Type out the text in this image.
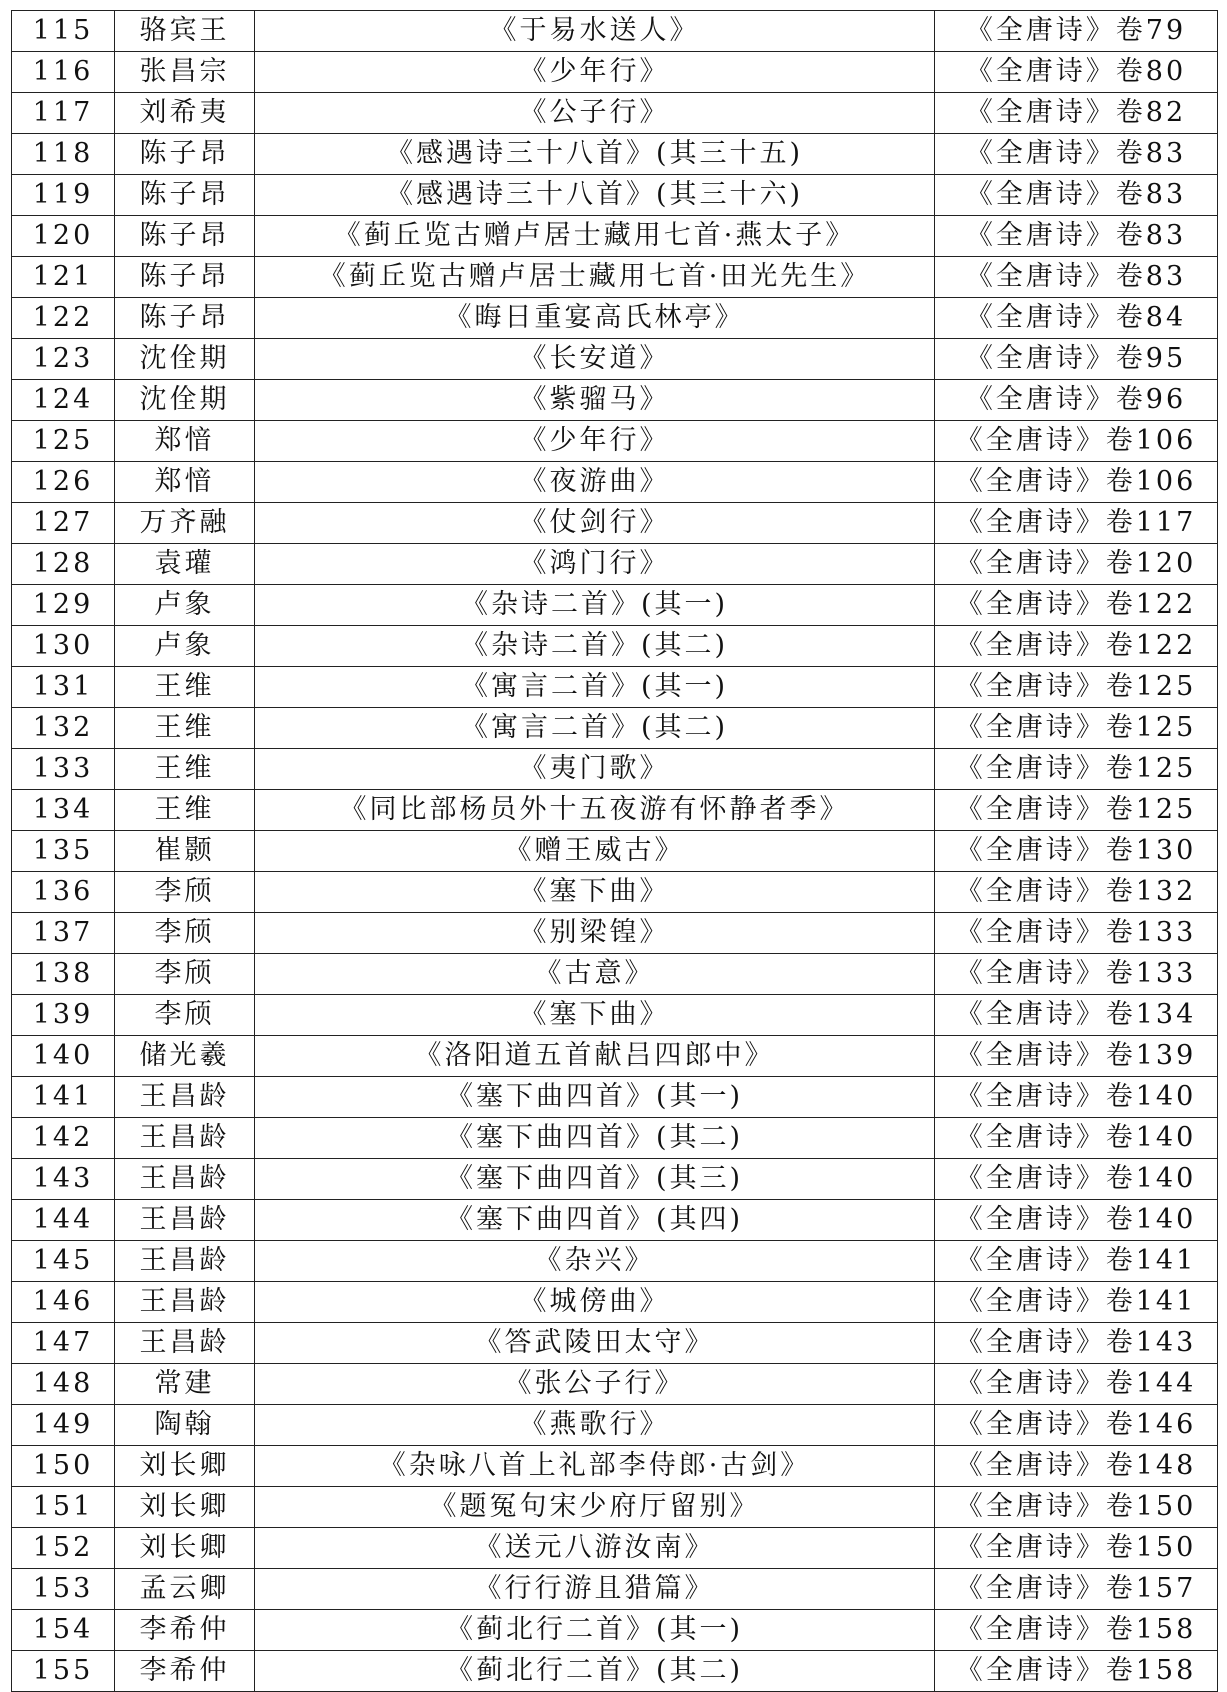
115	骆宾王	《于易水送人》	《全唐诗》卷79
116	张昌宗	《少年行》	《全唐诗》卷80
117	刘希夷	《公子行》	《全唐诗》卷82
118	陈子昂	《感遇诗三十八首》(其三十五)	《全唐诗》卷83
119	陈子昂	《感遇诗三十八首》(其三十六)	《全唐诗》卷83
120	陈子昂	《蓟丘览古赠卢居士藏用七首·燕太子》	《全唐诗》卷83
121	陈子昂	《蓟丘览古赠卢居士藏用七首·田光先生》	《全唐诗》卷83
122	陈子昂	《晦日重宴高氏林亭》	《全唐诗》卷84
123	沈佺期	《长安道》	《全唐诗》卷95
124	沈佺期	《紫骝马》	《全唐诗》卷96
125	郑愔	《少年行》	《全唐诗》卷106
126	郑愔	《夜游曲》	《全唐诗》卷106
127	万齐融	《仗剑行》	《全唐诗》卷117
128	袁瓘	《鸿门行》	《全唐诗》卷120
129	卢象	《杂诗二首》(其一)	《全唐诗》卷122
130	卢象	《杂诗二首》(其二)	《全唐诗》卷122
131	王维	《寓言二首》(其一)	《全唐诗》卷125
132	王维	《寓言二首》(其二)	《全唐诗》卷125
133	王维	《夷门歌》	《全唐诗》卷125
134	王维	《同比部杨员外十五夜游有怀静者季》	《全唐诗》卷125
135	崔颢	《赠王威古》	《全唐诗》卷130
136	李颀	《塞下曲》	《全唐诗》卷132
137	李颀	《别梁锽》	《全唐诗》卷133
138	李颀	《古意》	《全唐诗》卷133
139	李颀	《塞下曲》	《全唐诗》卷134
140	储光羲	《洛阳道五首献吕四郎中》	《全唐诗》卷139
141	王昌龄	《塞下曲四首》(其一)	《全唐诗》卷140
142	王昌龄	《塞下曲四首》(其二)	《全唐诗》卷140
143	王昌龄	《塞下曲四首》(其三)	《全唐诗》卷140
144	王昌龄	《塞下曲四首》(其四)	《全唐诗》卷140
145	王昌龄	《杂兴》	《全唐诗》卷141
146	王昌龄	《城傍曲》	《全唐诗》卷141
147	王昌龄	《答武陵田太守》	《全唐诗》卷143
148	常建	《张公子行》	《全唐诗》卷144
149	陶翰	《燕歌行》	《全唐诗》卷146
150	刘长卿	《杂咏八首上礼部李侍郎·古剑》	《全唐诗》卷148
151	刘长卿	《题冤句宋少府厅留别》	《全唐诗》卷150
152	刘长卿	《送元八游汝南》	《全唐诗》卷150
153	孟云卿	《行行游且猎篇》	《全唐诗》卷157
154	李希仲	《蓟北行二首》(其一)	《全唐诗》卷158
155	李希仲	《蓟北行二首》(其二)	《全唐诗》卷158
